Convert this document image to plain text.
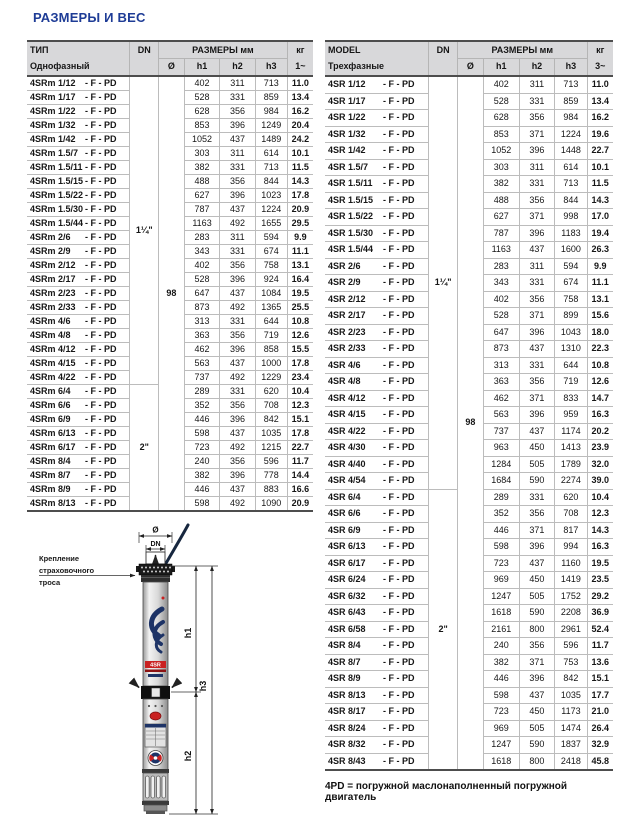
РАЗМЕРЫ И ВЕС
ТИП	DN	РАЗМЕРЫ мм				кг
Однофазный		Ø	h1	h2	h3	1~
4SRm 1/12 - F - PD	1¼"	98	402	311	713	11.0
4SRm 1/17 - F - PD			528	331	859	13.4
4SRm 1/22 - F - PD			628	356	984	16.2
4SRm 1/32 - F - PD			853	396	1249	20.4
4SRm 1/42 - F - PD			1052	437	1489	24.2
4SRm 1.5/7 - F - PD			303	311	614	10.1
4SRm 1.5/11 - F - PD			382	331	713	11.5
4SRm 1.5/15 - F - PD			488	356	844	14.3
4SRm 1.5/22 - F - PD			627	396	1023	17.8
4SRm 1.5/30 - F - PD			787	437	1224	20.9
4SRm 1.5/44 - F - PD			1163	492	1655	29.5
4SRm 2/6 - F - PD			283	311	594	9.9
4SRm 2/9 - F - PD			343	331	674	11.1
4SRm 2/12 - F - PD			402	356	758	13.1
4SRm 2/17 - F - PD			528	396	924	16.4
4SRm 2/23 - F - PD			647	437	1084	19.5
4SRm 2/33 - F - PD			873	492	1365	25.5
4SRm 4/6 - F - PD			313	331	644	10.8
4SRm 4/8 - F - PD			363	356	719	12.6
4SRm 4/12 - F - PD			462	396	858	15.5
4SRm 4/15 - F - PD			563	437	1000	17.8
4SRm 4/22 - F - PD			737	492	1229	23.4
4SRm 6/4 - F - PD	2"		289	331	620	10.4
4SRm 6/6 - F - PD			352	356	708	12.3
4SRm 6/9 - F - PD			446	396	842	15.1
4SRm 6/13 - F - PD			598	437	1035	17.8
4SRm 6/17 - F - PD			723	492	1215	22.7
4SRm 8/4 - F - PD			240	356	596	11.7
4SRm 8/7 - F - PD			382	396	778	14.4
4SRm 8/9 - F - PD			446	437	883	16.6
4SRm 8/13 - F - PD			598	492	1090	20.9
MODEL	DN	РАЗМЕРЫ мм				кг
Трехфазные		Ø	h1	h2	h3	3~
4SR 1/12 - F - PD	1¼"	98	402	311	713	11.0
4SR 1/17 - F - PD			528	331	859	13.4
4SR 1/22 - F - PD			628	356	984	16.2
4SR 1/32 - F - PD			853	371	1224	19.6
4SR 1/42 - F - PD			1052	396	1448	22.7
4SR 1.5/7 - F - PD			303	311	614	10.1
4SR 1.5/11 - F - PD			382	331	713	11.5
4SR 1.5/15 - F - PD			488	356	844	14.3
4SR 1.5/22 - F - PD			627	371	998	17.0
4SR 1.5/30 - F - PD			787	396	1183	19.4
4SR 1.5/44 - F - PD			1163	437	1600	26.3
4SR 2/6 - F - PD			283	311	594	9.9
4SR 2/9 - F - PD			343	331	674	11.1
4SR 2/12 - F - PD			402	356	758	13.1
4SR 2/17 - F - PD			528	371	899	15.6
4SR 2/23 - F - PD			647	396	1043	18.0
4SR 2/33 - F - PD			873	437	1310	22.3
4SR 4/6 - F - PD			313	331	644	10.8
4SR 4/8 - F - PD			363	356	719	12.6
4SR 4/12 - F - PD			462	371	833	14.7
4SR 4/15 - F - PD			563	396	959	16.3
4SR 4/22 - F - PD			737	437	1174	20.2
4SR 4/30 - F - PD			963	450	1413	23.9
4SR 4/40 - F - PD			1284	505	1789	32.0
4SR 4/54 - F - PD			1684	590	2274	39.0
4SR 6/4 - F - PD	2"		289	331	620	10.4
4SR 6/6 - F - PD			352	356	708	12.3
4SR 6/9 - F - PD			446	371	817	14.3
4SR 6/13 - F - PD			598	396	994	16.3
4SR 6/17 - F - PD			723	437	1160	19.5
4SR 6/24 - F - PD			969	450	1419	23.5
4SR 6/32 - F - PD			1247	505	1752	29.2
4SR 6/43 - F - PD			1618	590	2208	36.9
4SR 6/58 - F - PD			2161	800	2961	52.4
4SR 8/4 - F - PD			240	356	596	11.7
4SR 8/7 - F - PD			382	371	753	13.6
4SR 8/9 - F - PD			446	396	842	15.1
4SR 8/13 - F - PD			598	437	1035	17.7
4SR 8/17 - F - PD			723	450	1173	21.0
4SR 8/24 - F - PD			969	505	1474	26.4
4SR 8/32 - F - PD			1247	590	1837	32.9
4SR 8/43 - F - PD			1618	800	2418	45.8
Ø
DN
Крепление
страховочного
троса
4SR
h1
h2
h3
4PD = погружной маслонаполненный погружной двигатель
